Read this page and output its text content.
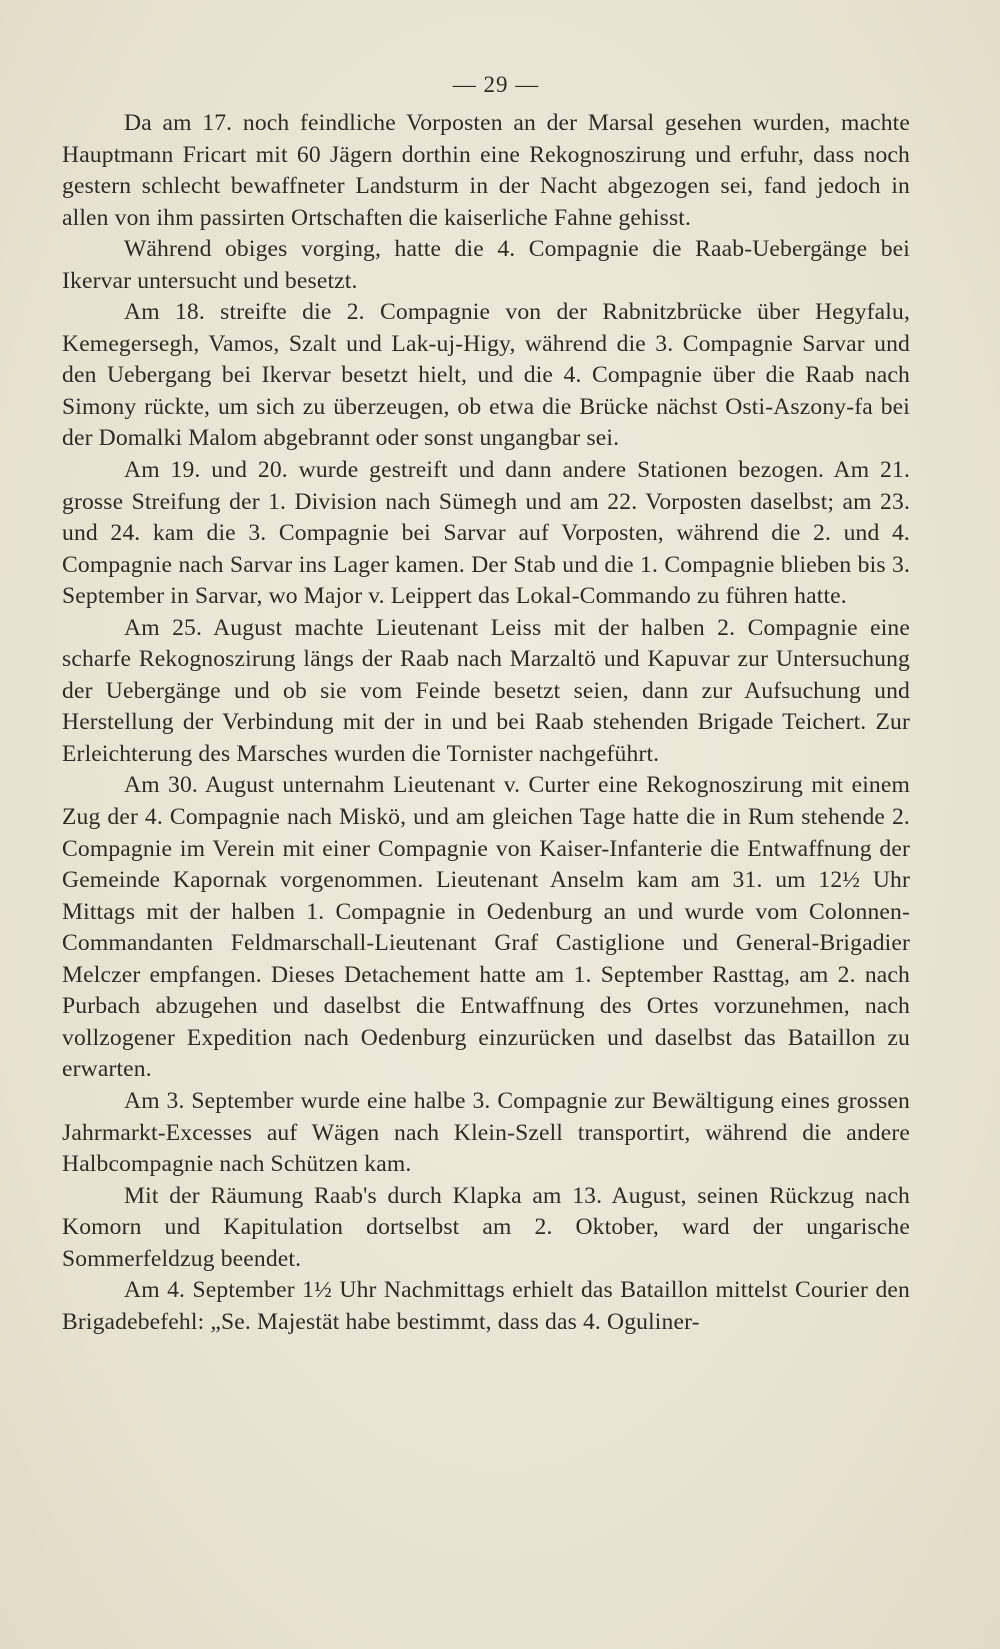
— 29 —

Da am 17. noch feindliche Vorposten an der Marsal gesehen wurden, machte Hauptmann Fricart mit 60 Jägern dorthin eine Rekognoszirung und erfuhr, dass noch gestern schlecht bewaffneter Landsturm in der Nacht abgezogen sei, fand jedoch in allen von ihm passirten Ortschaften die kaiserliche Fahne gehisst.

Während obiges vorging, hatte die 4. Compagnie die Raab-Uebergänge bei Ikervar untersucht und besetzt.

Am 18. streifte die 2. Compagnie von der Rabnitzbrücke über Hegyfalu, Kemegersegh, Vamos, Szalt und Lak-uj-Higy, während die 3. Compagnie Sarvar und den Uebergang bei Ikervar besetzt hielt, und die 4. Compagnie über die Raab nach Simony rückte, um sich zu überzeugen, ob etwa die Brücke nächst Osti-Aszony-fa bei der Domalki Malom abgebrannt oder sonst ungangbar sei.

Am 19. und 20. wurde gestreift und dann andere Stationen bezogen. Am 21. grosse Streifung der 1. Division nach Sümegh und am 22. Vorposten daselbst; am 23. und 24. kam die 3. Compagnie bei Sarvar auf Vorposten, während die 2. und 4. Compagnie nach Sarvar ins Lager kamen. Der Stab und die 1. Compagnie blieben bis 3. September in Sarvar, wo Major v. Leippert das Lokal-Commando zu führen hatte.

Am 25. August machte Lieutenant Leiss mit der halben 2. Compagnie eine scharfe Rekognoszirung längs der Raab nach Marzaltö und Kapuvar zur Untersuchung der Uebergänge und ob sie vom Feinde besetzt seien, dann zur Aufsuchung und Herstellung der Verbindung mit der in und bei Raab stehenden Brigade Teichert. Zur Erleichterung des Marsches wurden die Tornister nachgeführt.

Am 30. August unternahm Lieutenant v. Curter eine Rekognoszirung mit einem Zug der 4. Compagnie nach Miskö, und am gleichen Tage hatte die in Rum stehende 2. Compagnie im Verein mit einer Compagnie von Kaiser-Infanterie die Entwaffnung der Gemeinde Kapornak vorgenommen. Lieutenant Anselm kam am 31. um 12½ Uhr Mittags mit der halben 1. Compagnie in Oedenburg an und wurde vom Colonnen-Commandanten Feldmarschall-Lieutenant Graf Castiglione und General-Brigadier Melczer empfangen. Dieses Detachement hatte am 1. September Rasttag, am 2. nach Purbach abzugehen und daselbst die Entwaffnung des Ortes vorzunehmen, nach vollzogener Expedition nach Oedenburg einzurücken und daselbst das Bataillon zu erwarten.

Am 3. September wurde eine halbe 3. Compagnie zur Bewältigung eines grossen Jahrmarkt-Excesses auf Wägen nach Klein-Szell transportirt, während die andere Halbcompagnie nach Schützen kam.

Mit der Räumung Raab's durch Klapka am 13. August, seinen Rückzug nach Komorn und Kapitulation dortselbst am 2. Oktober, ward der ungarische Sommerfeldzug beendet.

Am 4. September 1½ Uhr Nachmittags erhielt das Bataillon mittelst Courier den Brigadebefehl: „Se. Majestät habe bestimmt, dass das 4. Oguliner-
